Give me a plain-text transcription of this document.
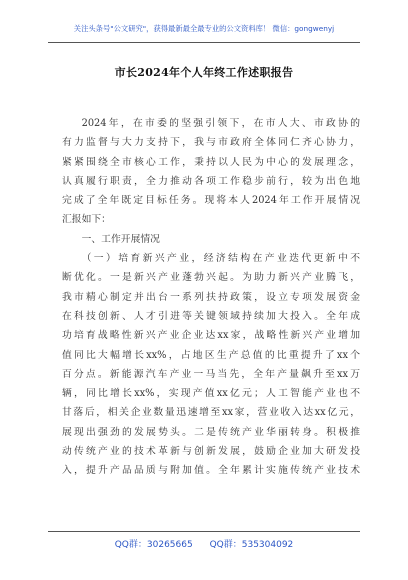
关注头条号"公文研究"，获得最新最全最专业的公文资料库！ 微信：gongwenyj
市长2024年个人年终工作述职报告
2024年，在市委的坚强引领下，在市人大、市政协的
有力监督与大力支持下，我与市政府全体同仁齐心协力，
紧紧围绕全市核心工作，秉持以人民为中心的发展理念，
认真履行职责，全力推动各项工作稳步前行，较为出色地
完成了全年既定目标任务。现将本人2024年工作开展情况
汇报如下：
一、工作开展情况
（一）培育新兴产业，经济结构在产业迭代更新中不
断优化。一是新兴产业蓬勃兴起。为助力新兴产业腾飞，
我市精心制定并出台一系列扶持政策，设立专项发展资金
在科技创新、人才引进等关键领域持续加大投入。全年成
功培育战略性新兴产业企业达xx家，战略性新兴产业增加
值同比大幅增长xx%，占地区生产总值的比重提升了xx个
百分点。新能源汽车产业一马当先，全年产量飙升至xx万
辆，同比增长xx%，实现产值xx亿元；人工智能产业也不
甘落后，相关企业数量迅速增至xx家，营业收入达xx亿元，
展现出强劲的发展势头。二是传统产业华丽转身。积极推
动传统产业的技术革新与创新发展，鼓励企业加大研发投
入，提升产品品质与附加值。全年累计实施传统产业技术
QQ群：30265665 QQ群：535304092
